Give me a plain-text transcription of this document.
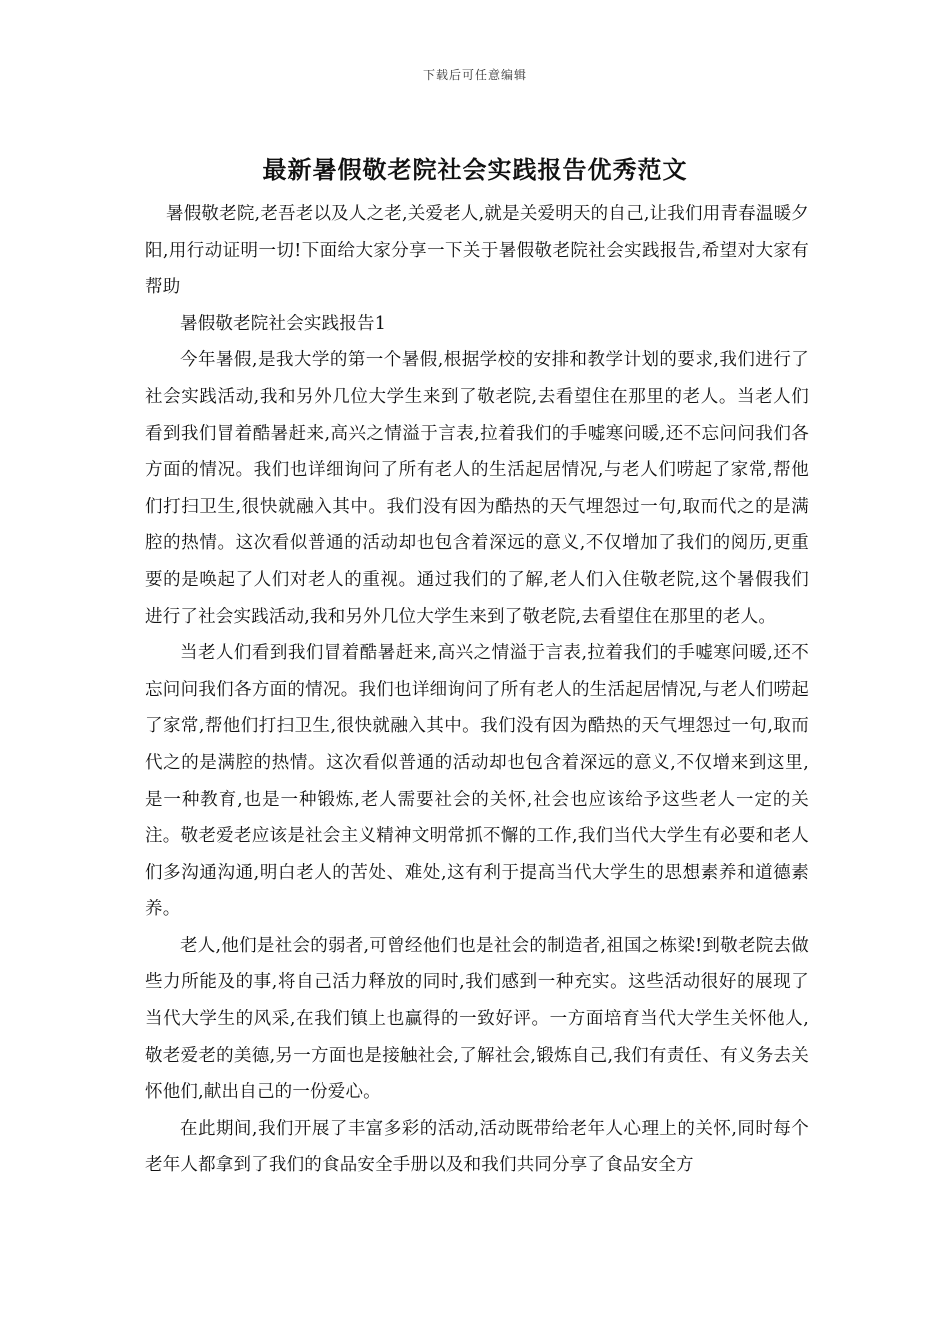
下载后可任意编辑
最新暑假敬老院社会实践报告优秀范文

暑假敬老院,老吾老以及人之老,关爱老人,就是关爱明天的自己,让我们用青春温暖夕阳,用行动证明一切!下面给大家分享一下关于暑假敬老院社会实践报告,希望对大家有帮助

暑假敬老院社会实践报告1

今年暑假,是我大学的第一个暑假,根据学校的安排和教学计划的要求,我们进行了社会实践活动,我和另外几位大学生来到了敬老院,去看望住在那里的老人。当老人们看到我们冒着酷暑赶来,高兴之情溢于言表,拉着我们的手嘘寒问暖,还不忘问问我们各方面的情况。我们也详细询问了所有老人的生活起居情况,与老人们唠起了家常,帮他们打扫卫生,很快就融入其中。我们没有因为酷热的天气埋怨过一句,取而代之的是满腔的热情。这次看似普通的活动却也包含着深远的意义,不仅增加了我们的阅历,更重要的是唤起了人们对老人的重视。通过我们的了解,老人们入住敬老院,这个暑假我们进行了社会实践活动,我和另外几位大学生来到了敬老院,去看望住在那里的老人。

当老人们看到我们冒着酷暑赶来,高兴之情溢于言表,拉着我们的手嘘寒问暖,还不忘问问我们各方面的情况。我们也详细询问了所有老人的生活起居情况,与老人们唠起了家常,帮他们打扫卫生,很快就融入其中。我们没有因为酷热的天气埋怨过一句,取而代之的是满腔的热情。这次看似普通的活动却也包含着深远的意义,不仅增来到这里,是一种教育,也是一种锻炼,老人需要社会的关怀,社会也应该给予这些老人一定的关注。敬老爱老应该是社会主义精神文明常抓不懈的工作,我们当代大学生有必要和老人们多沟通沟通,明白老人的苦处、难处,这有利于提高当代大学生的思想素养和道德素养。

老人,他们是社会的弱者,可曾经他们也是社会的制造者,祖国之栋梁!到敬老院去做些力所能及的事,将自己活力释放的同时,我们感到一种充实。这些活动很好的展现了当代大学生的风采,在我们镇上也赢得的一致好评。一方面培育当代大学生关怀他人,敬老爱老的美德,另一方面也是接触社会,了解社会,锻炼自己,我们有责任、有义务去关怀他们,献出自己的一份爱心。

在此期间,我们开展了丰富多彩的活动,活动既带给老年人心理上的关怀,同时每个老年人都拿到了我们的食品安全手册以及和我们共同分享了食品安全方
